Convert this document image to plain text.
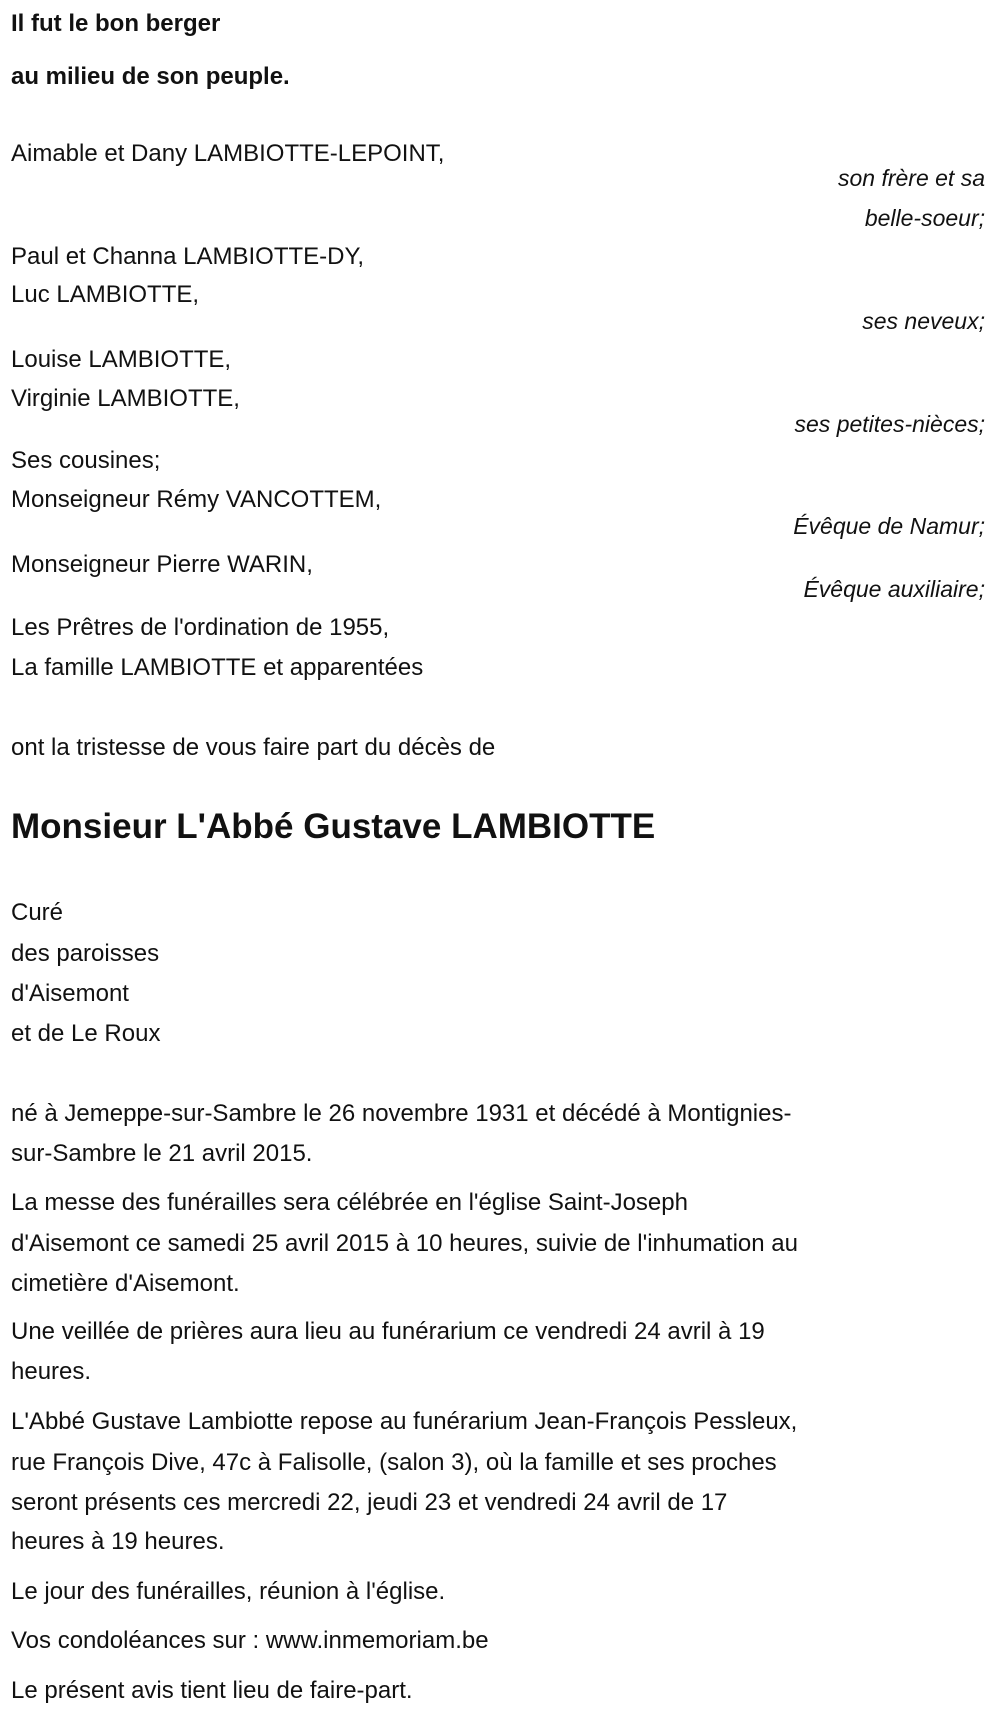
Il fut le bon berger
au milieu de son peuple.
Aimable et Dany LAMBIOTTE-LEPOINT,
son frère et sa
belle-soeur;
Paul et Channa LAMBIOTTE-DY,
Luc LAMBIOTTE,
ses neveux;
Louise LAMBIOTTE,
Virginie LAMBIOTTE,
ses petites-nièces;
Ses cousines;
Monseigneur Rémy VANCOTTEM,
Évêque de Namur;
Monseigneur Pierre WARIN,
Évêque auxiliaire;
Les Prêtres de l'ordination de 1955,
La famille LAMBIOTTE et apparentées
ont la tristesse de vous faire part du décès de
Monsieur L'Abbé Gustave LAMBIOTTE
Curé
des paroisses
d'Aisemont
et de Le Roux
né à Jemeppe-sur-Sambre le 26 novembre 1931 et décédé à Montignies-
sur-Sambre le 21 avril 2015.
La messe des funérailles sera célébrée en l'église Saint-Joseph
d'Aisemont ce samedi 25 avril 2015 à 10 heures, suivie de l'inhumation au
cimetière d'Aisemont.
Une veillée de prières aura lieu au funérarium ce vendredi 24 avril à 19
heures.
L'Abbé Gustave Lambiotte repose au funérarium Jean-François Pessleux,
rue François Dive, 47c à Falisolle, (salon 3), où la famille et ses proches
seront présents ces mercredi 22, jeudi 23 et vendredi 24 avril de 17
heures à 19 heures.
Le jour des funérailles, réunion à l'église.
Vos condoléances sur : www.inmemoriam.be
Le présent avis tient lieu de faire-part.
